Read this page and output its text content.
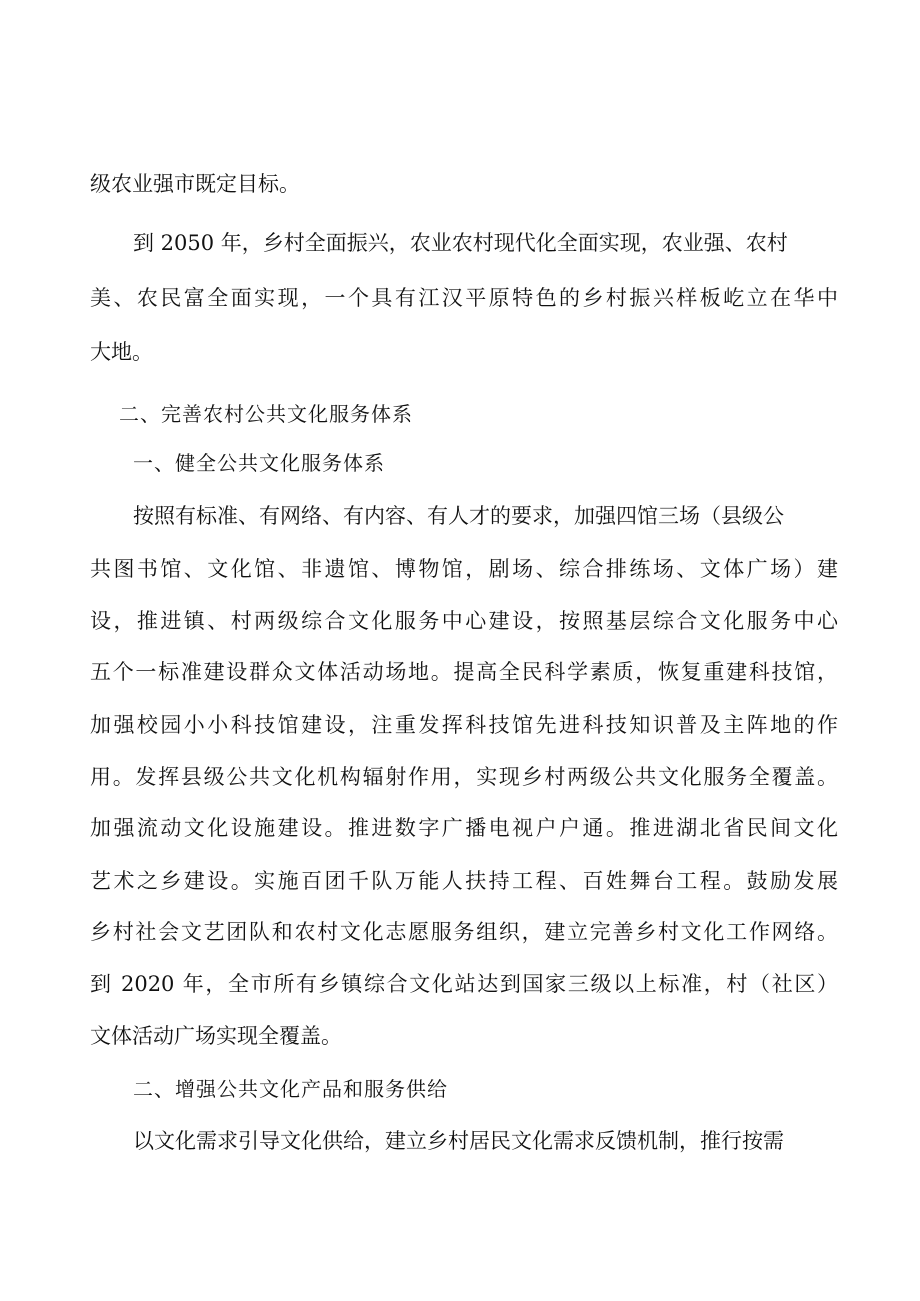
级农业强市既定目标。
到 2050 年，乡村全面振兴，农业农村现代化全面实现，农业强、农村
美、农民富全面实现，一个具有江汉平原特色的乡村振兴样板屹立在华中
大地。
二、完善农村公共文化服务体系
一、健全公共文化服务体系
按照有标准、有网络、有内容、有人才的要求，加强四馆三场（县级公
共图书馆、文化馆、非遗馆、博物馆，剧场、综合排练场、文体广场）建
设，推进镇、村两级综合文化服务中心建设，按照基层综合文化服务中心
五个一标准建设群众文体活动场地。提高全民科学素质，恢复重建科技馆，
加强校园小小科技馆建设，注重发挥科技馆先进科技知识普及主阵地的作
用。发挥县级公共文化机构辐射作用，实现乡村两级公共文化服务全覆盖。
加强流动文化设施建设。推进数字广播电视户户通。推进湖北省民间文化
艺术之乡建设。实施百团千队万能人扶持工程、百姓舞台工程。鼓励发展
乡村社会文艺团队和农村文化志愿服务组织，建立完善乡村文化工作网络。
到 2020 年，全市所有乡镇综合文化站达到国家三级以上标准，村（社区）
文体活动广场实现全覆盖。
二、增强公共文化产品和服务供给
以文化需求引导文化供给，建立乡村居民文化需求反馈机制，推行按需
